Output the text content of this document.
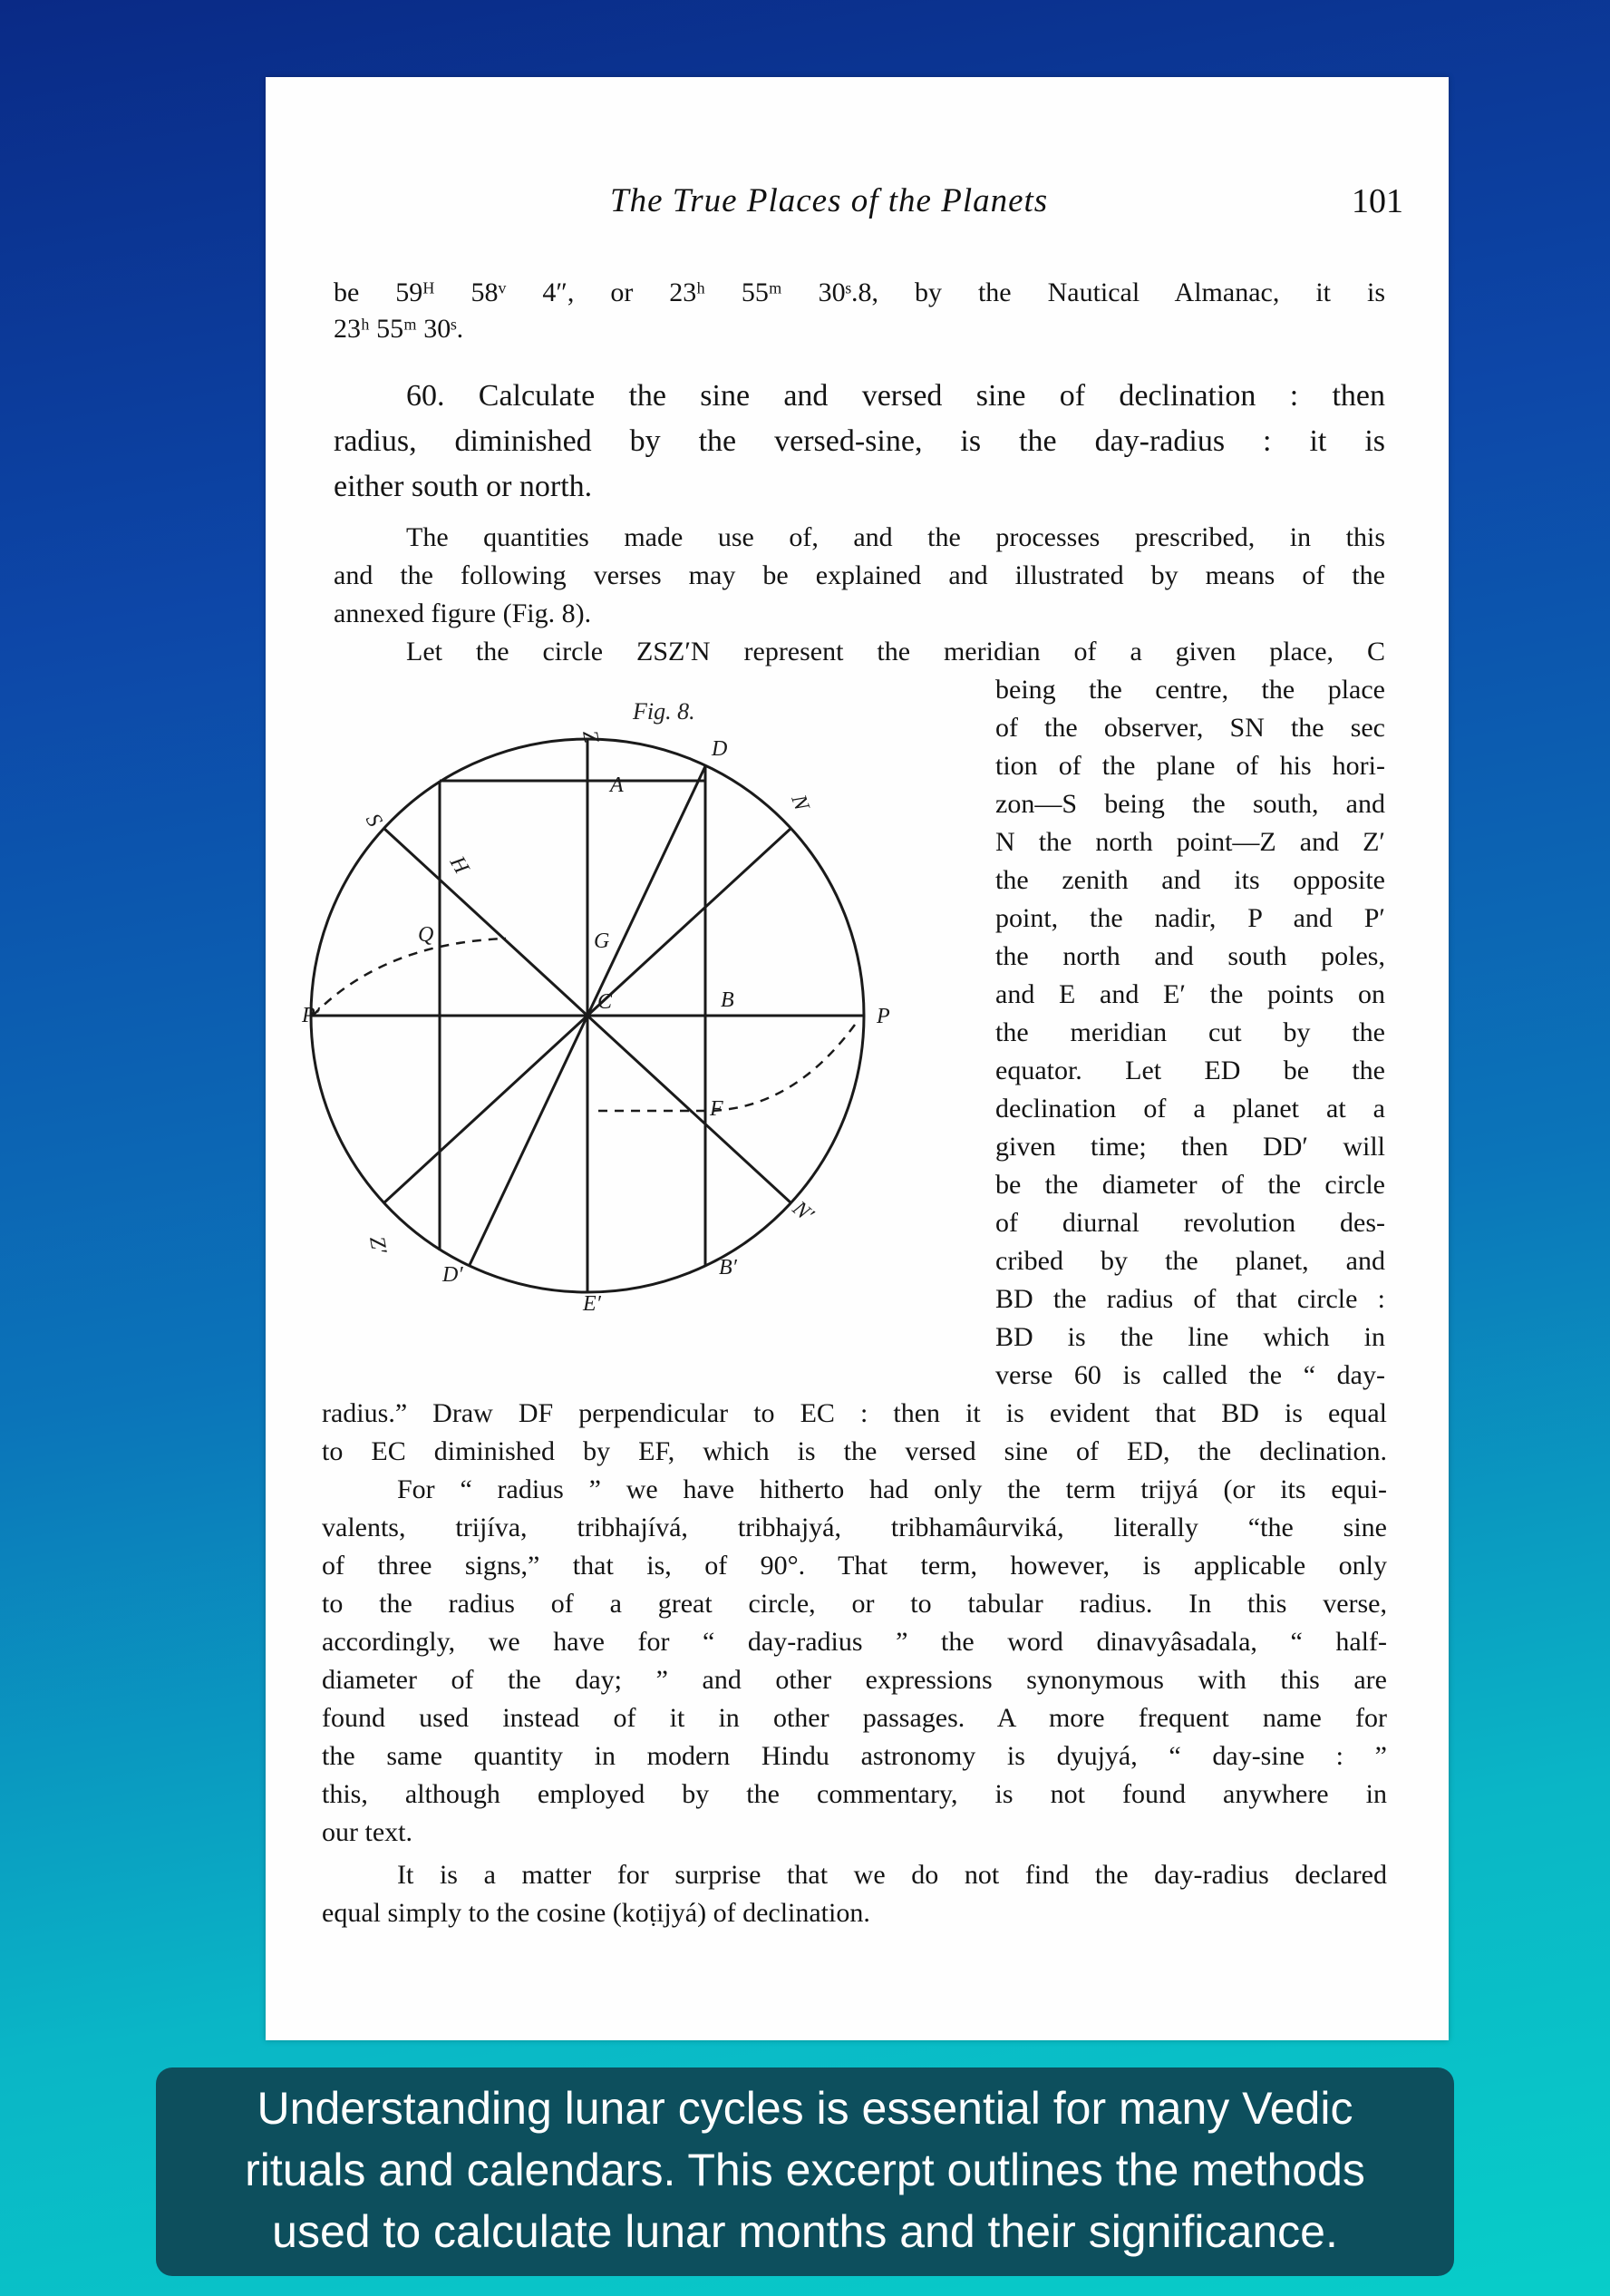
The True Places of the Planets	101
be 59ᴴ 58ᵛ 4″, or 23ʰ 55ᵐ 30ˢ.8, by the Nautical Almanac, it is
23ʰ 55ᵐ 30ˢ.
60. Calculate the sine and versed sine of declination : then
radius, diminished by the versed-sine, is the day-radius : it is
either south or north.
The quantities made use of, and the processes prescribed, in this
and the following verses may be explained and illustrated by means of the
annexed figure (Fig. 8).
Let the circle ZSZ′N represent the meridian of a given place, C
being the centre, the place
of the observer, SN the sec
tion of the plane of his hori-
zon—S being the south, and
N the north point—Z and Z′
the zenith and its opposite
point, the nadir, P and P′
the north and south poles,
and E and E′ the points on
the meridian cut by the
equator. Let ED be the
declination of a planet at a
given time; then DD′ will
be the diameter of the circle
of diurnal revolution des-
cribed by the planet, and
BD the radius of that circle :
BD is the line which in
verse 60 is called the “ day-
radius.” Draw DF perpendicular to EC : then it is evident that BD is equal
to EC diminished by EF, which is the versed sine of ED, the declination.
For “ radius ” we have hitherto had only the term trijyá (or its equi-
valents, trijíva, tribhajívá, tribhajyá, tribhamâurviká, literally “the sine
of three signs,” that is, of 90°. That term, however, is applicable only
to the radius of a great circle, or to tabular radius. In this verse,
accordingly, we have for “ day-radius ” the word dinavyâsadala, “ half-
diameter of the day; ” and other expressions synonymous with this are
found used instead of it in other passages. A more frequent name for
the same quantity in modern Hindu astronomy is dyujyá, “ day-sine : ”
this, although employed by the commentary, is not found anywhere in
our text.
It is a matter for surprise that we do not find the day-radius declared
equal simply to the cosine (koṭijyá) of declination.
Fig. 8.
Z
D
N
S
H
P′	P
C	B
G
Q
A
Z′
D′
E′
B′
F
N′
Understanding lunar cycles is essential for many Vedic
rituals and calendars. This excerpt outlines the methods
used to calculate lunar months and their significance.
